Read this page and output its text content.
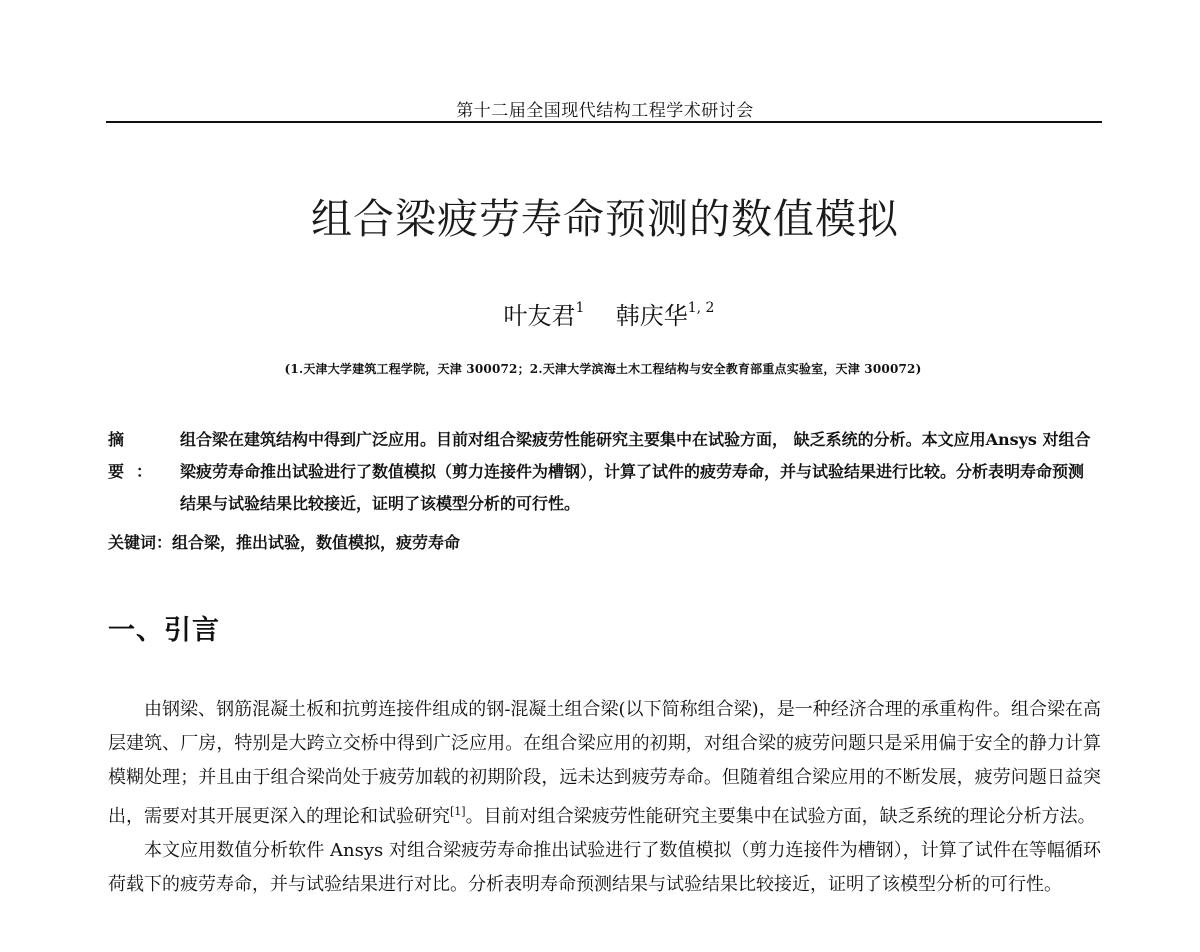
第十二届全国现代结构工程学术研讨会
组合梁疲劳寿命预测的数值模拟
叶友君$^1$ 韩庆华$^{1, 2}$
(1.天津大学建筑工程学院，天津 300072；2.天津大学滨海土木工程结构与安全教育部重点实验室，天津 300072)
摘 要：
组合梁在建筑结构中得到广泛应用。目前对组合梁疲劳性能研究主要集中在试验方面， 缺乏系统的分析。本文应用Ansys 对组合梁疲劳寿命推出试验进行了数值模拟（剪力连接件为槽钢），计算了试件的疲劳寿命，并与试验结果进行比较。分析表明寿命预测结果与试验结果比较接近，证明了该模型分析的可行性。
关键词：组合梁，推出试验，数值模拟，疲劳寿命
一、引言

由钢梁、钢筋混凝土板和抗剪连接件组成的钢-混凝土组合梁(以下简称组合梁)，是一种经济合理的承重构件。组合梁在高层建筑、厂房，特别是大跨立交桥中得到广泛应用。在组合梁应用的初期，对组合梁的疲劳问题只是采用偏于安全的静力计算模糊处理；并且由于组合梁尚处于疲劳加载的初期阶段，远未达到疲劳寿命。但随着组合梁应用的不断发展，疲劳问题日益突出，需要对其开展更深入的理论和试验研究[1]。目前对组合梁疲劳性能研究主要集中在试验方面，缺乏系统的理论分析方法。

本文应用数值分析软件 Ansys 对组合梁疲劳寿命推出试验进行了数值模拟（剪力连接件为槽钢），计算了试件在等幅循环荷载下的疲劳寿命，并与试验结果进行对比。分析表明寿命预测结果与试验结果比较接近，证明了该模型分析的可行性。
